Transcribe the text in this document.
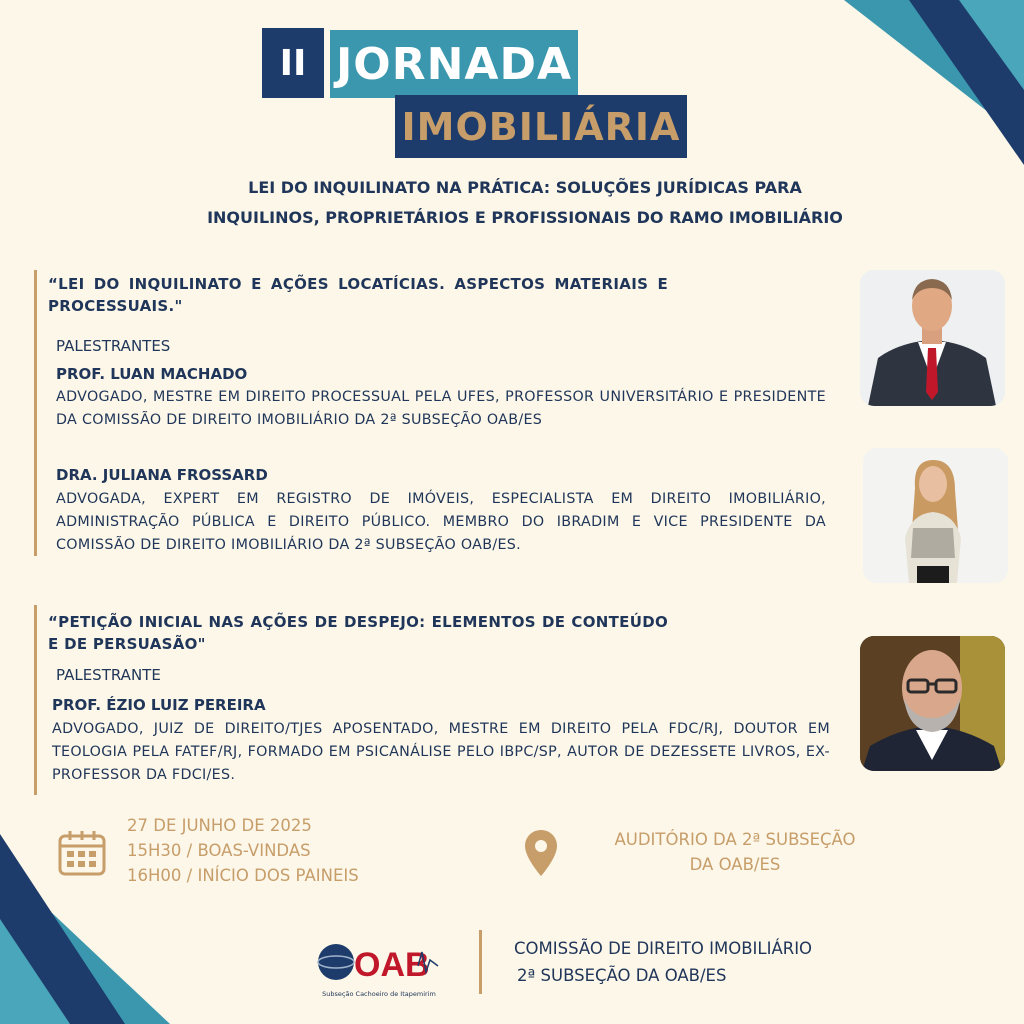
II JORNADA
IMOBILIÁRIA
LEI DO INQUILINATO NA PRÁTICA: SOLUÇÕES JURÍDICAS PARA
INQUILINOS, PROPRIETÁRIOS E PROFISSIONAIS DO RAMO IMOBILIÁRIO
“LEI DO INQUILINATO E AÇÕES LOCATÍCIAS. ASPECTOS MATERIAIS E PROCESSUAIS."
PALESTRANTES
PROF. LUAN MACHADO
ADVOGADO, MESTRE EM DIREITO PROCESSUAL PELA UFES, PROFESSOR UNIVERSITÁRIO E PRESIDENTE DA COMISSÃO DE DIREITO IMOBILIÁRIO DA 2ª SUBSEÇÃO OAB/ES
DRA. JULIANA FROSSARD
ADVOGADA, EXPERT EM REGISTRO DE IMÓVEIS, ESPECIALISTA EM DIREITO IMOBILIÁRIO, ADMINISTRAÇÃO PÚBLICA E DIREITO PÚBLICO. MEMBRO DO IBRADIM E VICE PRESIDENTE DA COMISSÃO DE DIREITO IMOBILIÁRIO DA 2ª SUBSEÇÃO OAB/ES.
“PETIÇÃO INICIAL NAS AÇÕES DE DESPEJO: ELEMENTOS DE CONTEÚDO E DE PERSUASÃO"
PALESTRANTE
PROF. ÉZIO LUIZ PEREIRA
ADVOGADO, JUIZ DE DIREITO/TJES APOSENTADO, MESTRE EM DIREITO PELA FDC/RJ, DOUTOR EM TEOLOGIA PELA FATEF/RJ, FORMADO EM PSICANÁLISE PELO IBPC/SP, AUTOR DE DEZESSETE LIVROS, EX-PROFESSOR DA FDCI/ES.
27 DE JUNHO DE 2025
15H30 / BOAS-VINDAS
16H00 / INÍCIO DOS PAINEIS
AUDITÓRIO DA 2ª SUBSEÇÃO
DA OAB/ES
OAB
Subseção Cachoeiro de Itapemirim
COMISSÃO DE DIREITO IMOBILIÁRIO
2ª SUBSEÇÃO DA OAB/ES
